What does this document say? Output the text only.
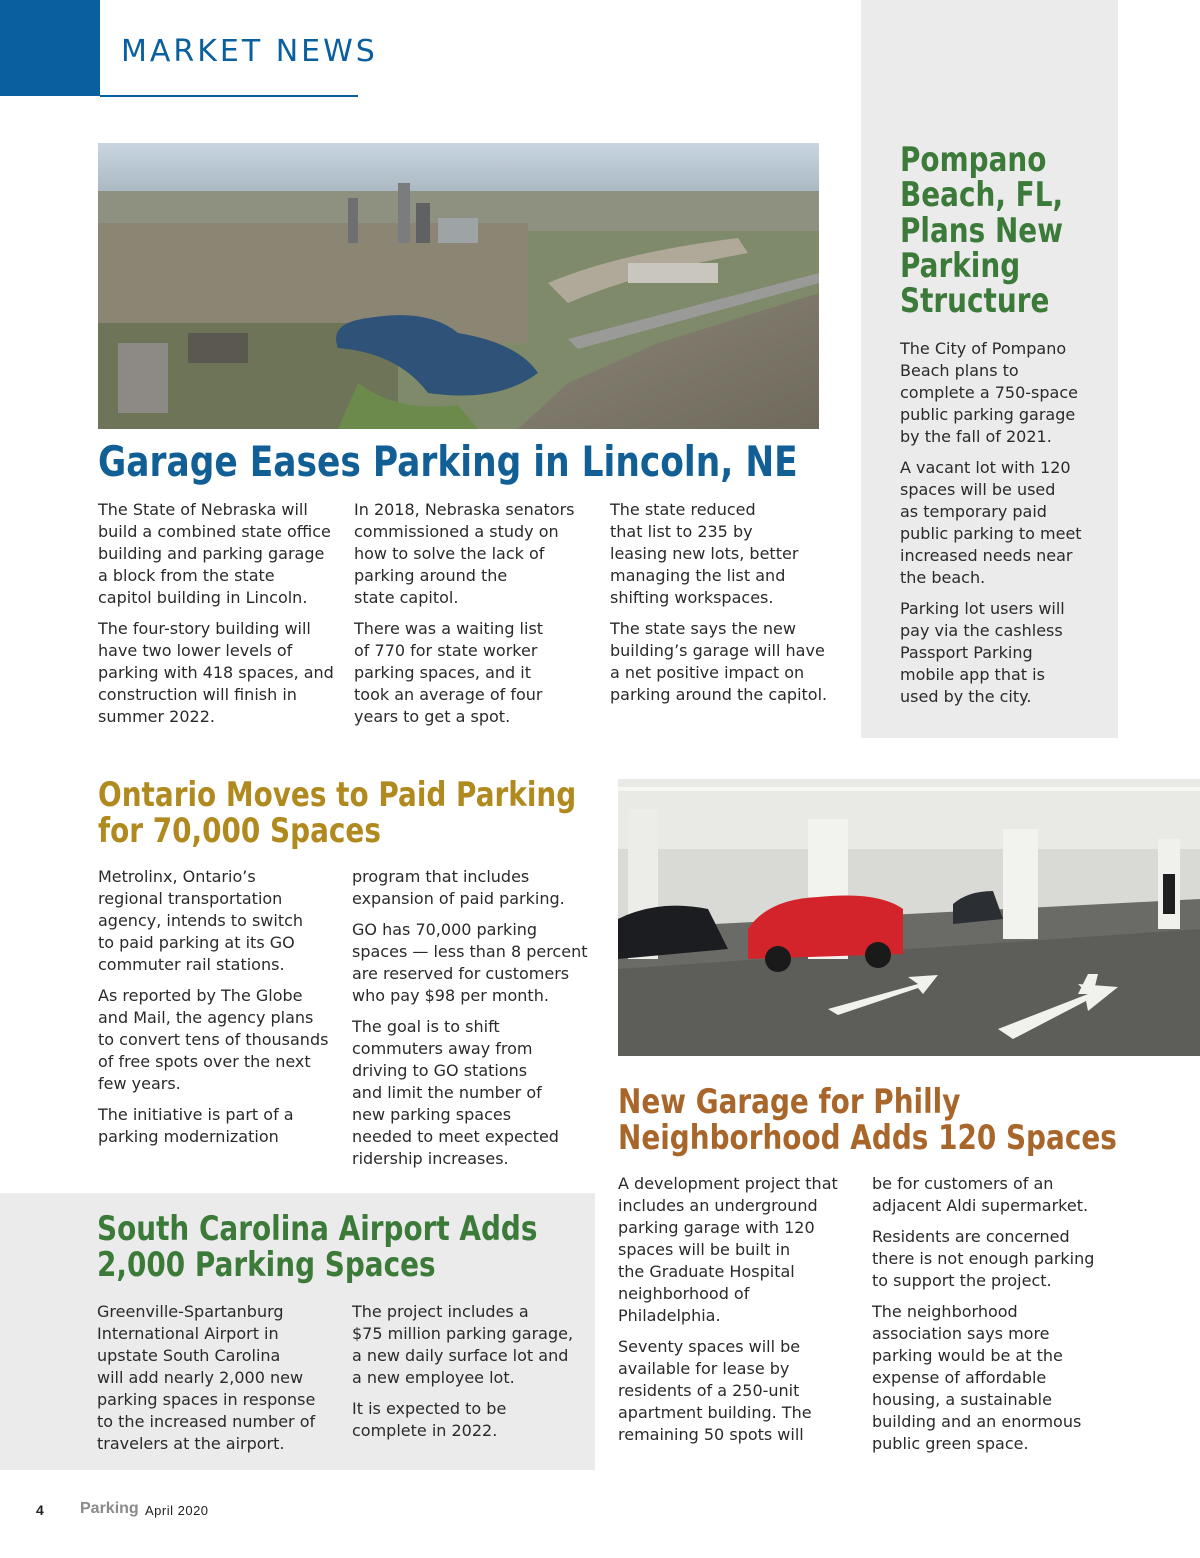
MARKET NEWS
Garage Eases Parking in Lincoln, NE

The State of Nebraska will
build a combined state office
building and parking garage
a block from the state
capitol building in Lincoln.

The four-story building will
have two lower levels of
parking with 418 spaces, and
construction will finish in
summer 2022.

In 2018, Nebraska senators
commissioned a study on
how to solve the lack of
parking around the
state capitol.

There was a waiting list
of 770 for state worker
parking spaces, and it
took an average of four
years to get a spot.

The state reduced
that list to 235 by
leasing new lots, better
managing the list and
shifting workspaces.

The state says the new
building’s garage will have
a net positive impact on
parking around the capitol.

Pompano
Beach, FL,
Plans New
Parking
Structure

The City of Pompano
Beach plans to
complete a 750-space
public parking garage
by the fall of 2021.

A vacant lot with 120
spaces will be used
as temporary paid
public parking to meet
increased needs near
the beach.

Parking lot users will
pay via the cashless
Passport Parking
mobile app that is
used by the city.

Ontario Moves to Paid Parking
for 70,000 Spaces

Metrolinx, Ontario’s
regional transportation
agency, intends to switch
to paid parking at its GO
commuter rail stations.

As reported by The Globe
and Mail, the agency plans
to convert tens of thousands
of free spots over the next
few years.

The initiative is part of a
parking modernization

program that includes
expansion of paid parking.

GO has 70,000 parking
spaces — less than 8 percent
are reserved for customers
who pay $98 per month.

The goal is to shift
commuters away from
driving to GO stations
and limit the number of
new parking spaces
needed to meet expected
ridership increases.

New Garage for Philly
Neighborhood Adds 120 Spaces

A development project that
includes an underground
parking garage with 120
spaces will be built in
the Graduate Hospital
neighborhood of
Philadelphia.

Seventy spaces will be
available for lease by
residents of a 250-unit
apartment building. The
remaining 50 spots will

be for customers of an
adjacent Aldi supermarket.

Residents are concerned
there is not enough parking
to support the project.

The neighborhood
association says more
parking would be at the
expense of affordable
housing, a sustainable
building and an enormous
public green space.

South Carolina Airport Adds
2,000 Parking Spaces

Greenville-Spartanburg
International Airport in
upstate South Carolina
will add nearly 2,000 new
parking spaces in response
to the increased number of
travelers at the airport.

The project includes a
$75 million parking garage,
a new daily surface lot and
a new employee lot.

It is expected to be
complete in 2022.

4 Parking April 2020
